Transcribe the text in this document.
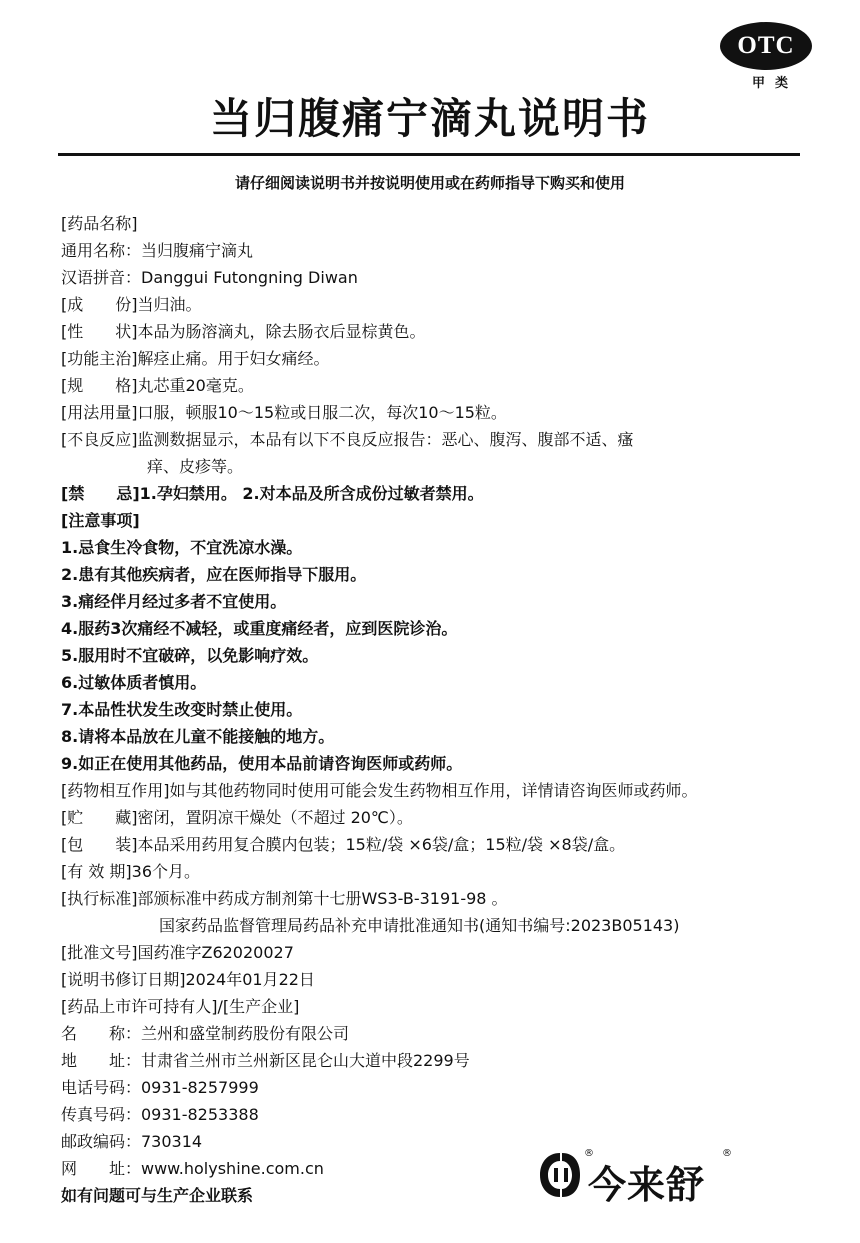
OTC
甲类
当归腹痛宁滴丸说明书
请仔细阅读说明书并按说明使用或在药师指导下购买和使用
[药品名称]
通用名称：当归腹痛宁滴丸
汉语拼音：Danggui Futongning Diwan
[成　　份]当归油。
[性　　状]本品为肠溶滴丸，除去肠衣后显棕黄色。
[功能主治]解痉止痛。用于妇女痛经。
[规　　格]丸芯重20毫克。
[用法用量]口服，顿服10～15粒或日服二次，每次10～15粒。
[不良反应]监测数据显示，本品有以下不良反应报告：恶心、腹泻、腹部不适、瘙
痒、皮疹等。
[禁　　忌]1.孕妇禁用。 2.对本品及所含成份过敏者禁用。
[注意事项]
1.忌食生冷食物，不宜洗凉水澡。
2.患有其他疾病者，应在医师指导下服用。
3.痛经伴月经过多者不宜使用。
4.服药3次痛经不减轻，或重度痛经者，应到医院诊治。
5.服用时不宜破碎，以免影响疗效。
6.过敏体质者慎用。
7.本品性状发生改变时禁止使用。
8.请将本品放在儿童不能接触的地方。
9.如正在使用其他药品，使用本品前请咨询医师或药师。
[药物相互作用]如与其他药物同时使用可能会发生药物相互作用，详情请咨询医师或药师。
[贮　　藏]密闭，置阴凉干燥处（不超过 20℃）。
[包　　装]本品采用药用复合膜内包装；15粒/袋 ×6袋/盒；15粒/袋 ×8袋/盒。
[有 效 期]36个月。
[执行标准]部颁标准中药成方制剂第十七册WS3-B-3191-98 。
国家药品监督管理局药品补充申请批准通知书(通知书编号:2023B05143)
[批准文号]国药准字Z62020027
[说明书修订日期]2024年01月22日
[药品上市许可持有人]/[生产企业]
名　　称：兰州和盛堂制药股份有限公司
地　　址：甘肃省兰州市兰州新区昆仑山大道中段2299号
电话号码：0931-8257999
传真号码：0931-8253388
邮政编码：730314
网　　址：www.holyshine.com.cn
如有问题可与生产企业联系
®
今来舒
®
